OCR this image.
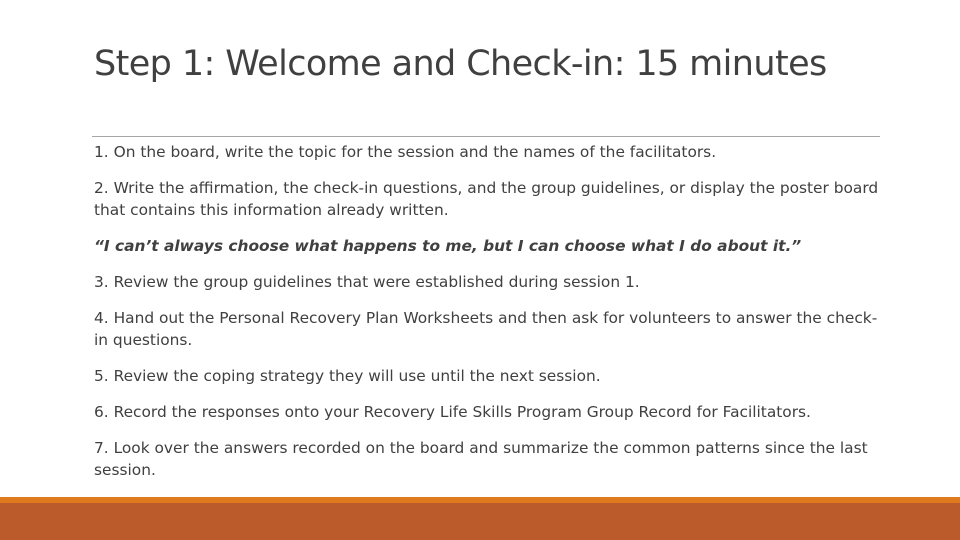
Step 1: Welcome and Check-in: 15 minutes

1. On the board, write the topic for the session and the names of the facilitators.

2. Write the affirmation, the check-in questions, and the group guidelines, or display the poster board that contains this information already written.

“I can’t always choose what happens to me, but I can choose what I do about it.”

3. Review the group guidelines that were established during session 1.

4. Hand out the Personal Recovery Plan Worksheets and then ask for volunteers to answer the check-in questions.

5. Review the coping strategy they will use until the next session.

6. Record the responses onto your Recovery Life Skills Program Group Record for Facilitators.

7. Look over the answers recorded on the board and summarize the common patterns since the last session.
